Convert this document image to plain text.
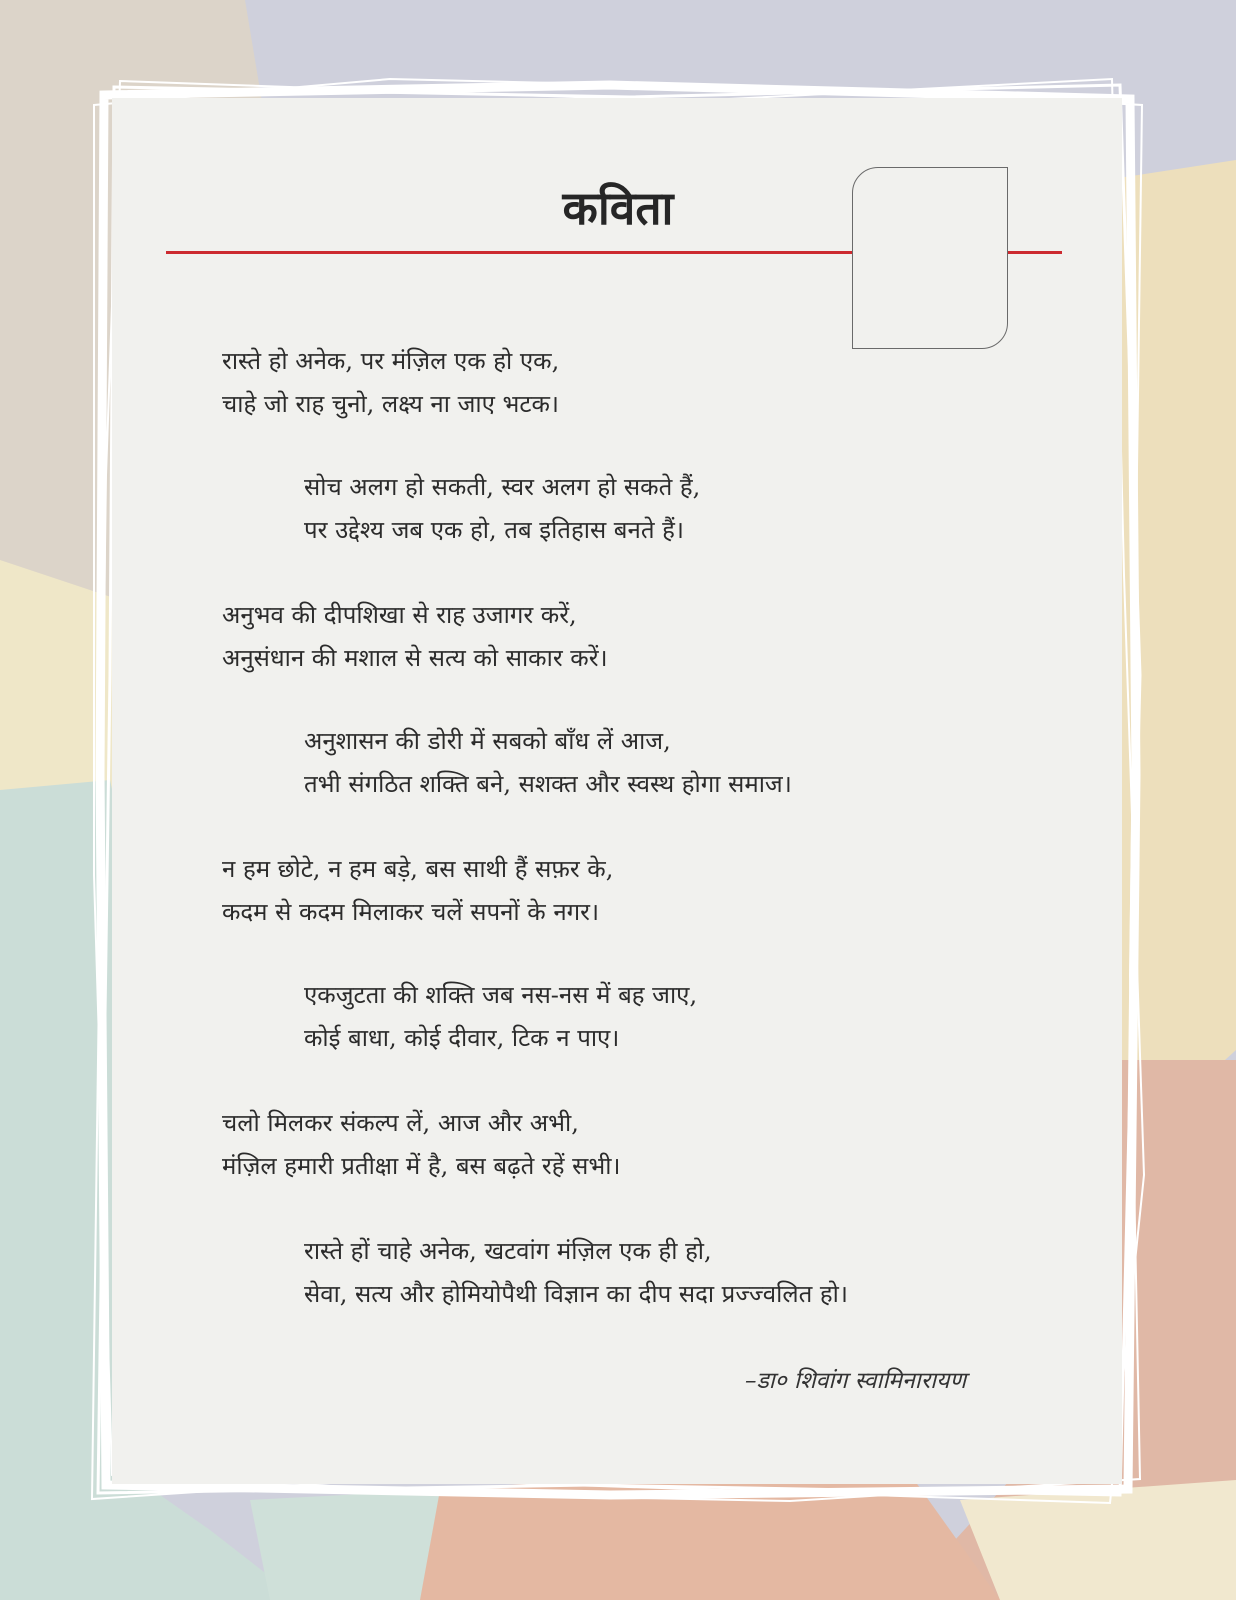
कविता
रास्ते हो अनेक, पर मंज़िल एक हो एक,
चाहे जो राह चुनो, लक्ष्य ना जाए भटक।
सोच अलग हो सकती, स्वर अलग हो सकते हैं,
पर उद्देश्य जब एक हो, तब इतिहास बनते हैं।
अनुभव की दीपशिखा से राह उजागर करें,
अनुसंधान की मशाल से सत्य को साकार करें।
अनुशासन की डोरी में सबको बाँध लें आज,
तभी संगठित शक्ति बने, सशक्त और स्वस्थ होगा समाज।
न हम छोटे, न हम बड़े, बस साथी हैं सफ़र के,
कदम से कदम मिलाकर चलें सपनों के नगर।
एकजुटता की शक्ति जब नस-नस में बह जाए,
कोई बाधा, कोई दीवार, टिक न पाए।
चलो मिलकर संकल्प लें, आज और अभी,
मंज़िल हमारी प्रतीक्षा में है, बस बढ़ते रहें सभी।
रास्ते हों चाहे अनेक, खटवांग मंज़िल एक ही हो,
सेवा, सत्य और होमियोपैथी विज्ञान का दीप सदा प्रज्ज्वलित हो।
–डा० शिवांग स्वामिनारायण
